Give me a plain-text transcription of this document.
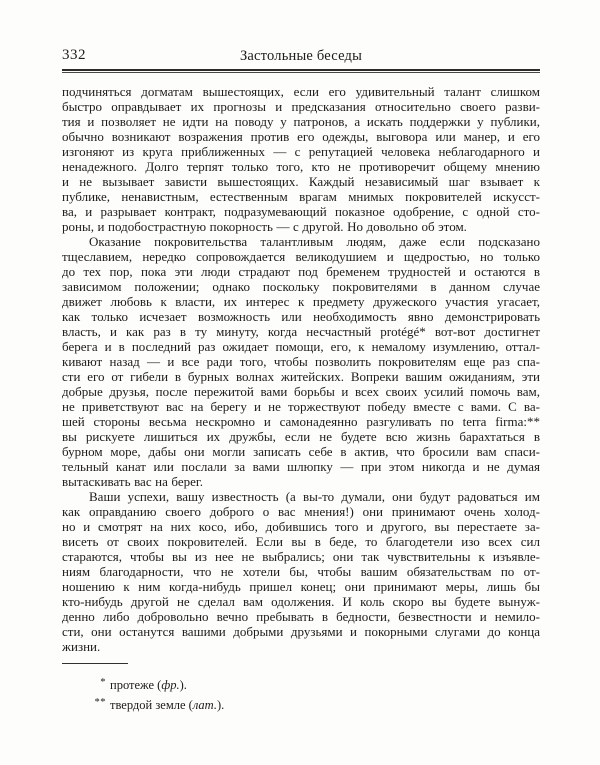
332	Застольные беседы
подчиняться догматам вышестоящих, если его удивительный талант слишком
быстро оправдывает их прогнозы и предсказания относительно своего разви-
тия и позволяет не идти на поводу у патронов, а искать поддержки у публики,
обычно возникают возражения против его одежды, выговора или манер, и его
изгоняют из круга приближенных — с репутацией человека неблагодарного и
ненадежного. Долго терпят только того, кто не противоречит общему мнению
и не вызывает зависти вышестоящих. Каждый независимый шаг взывает к
публике, ненавистным, естественным врагам мнимых покровителей искусст-
ва, и разрывает контракт, подразумевающий показное одобрение, с одной сто-
роны, и подобострастную покорность — с другой. Но довольно об этом.
Оказание покровительства талантливым людям, даже если подсказано
тщеславием, нередко сопровождается великодушием и щедростью, но только
до тех пор, пока эти люди страдают под бременем трудностей и остаются в
зависимом положении; однако поскольку покровителями в данном случае
движет любовь к власти, их интерес к предмету дружеского участия угасает,
как только исчезает возможность или необходимость явно демонстрировать
власть, и как раз в ту минуту, когда несчастный protégé* вот-вот достигнет
берега и в последний раз ожидает помощи, его, к немалому изумлению, оттал-
кивают назад — и все ради того, чтобы позволить покровителям еще раз спа-
сти его от гибели в бурных волнах житейских. Вопреки вашим ожиданиям, эти
добрые друзья, после пережитой вами борьбы и всех своих усилий помочь вам,
не приветствуют вас на берегу и не торжествуют победу вместе с вами. С ва-
шей стороны весьма нескромно и самонадеянно разгуливать по terra firma:**
вы рискуете лишиться их дружбы, если не будете всю жизнь барахтаться в
бурном море, дабы они могли записать себе в актив, что бросили вам спаси-
тельный канат или послали за вами шлюпку — при этом никогда и не думая
вытаскивать вас на берег.
Ваши успехи, вашу известность (а вы-то думали, они будут радоваться им
как оправданию своего доброго о вас мнения!) они принимают очень холод-
но и смотрят на них косо, ибо, добившись того и другого, вы перестаете за-
висеть от своих покровителей. Если вы в беде, то благодетели изо всех сил
стараются, чтобы вы из нее не выбрались; они так чувствительны к изъявле-
ниям благодарности, что не хотели бы, чтобы вашим обязательствам по от-
ношению к ним когда-нибудь пришел конец; они принимают меры, лишь бы
кто-нибудь другой не сделал вам одолжения. И коль скоро вы будете вынуж-
денно либо добровольно вечно пребывать в бедности, безвестности и немило-
сти, они останутся вашими добрыми друзьями и покорными слугами до конца
жизни.
* протеже (фр.).
** твердой земле (лат.).
